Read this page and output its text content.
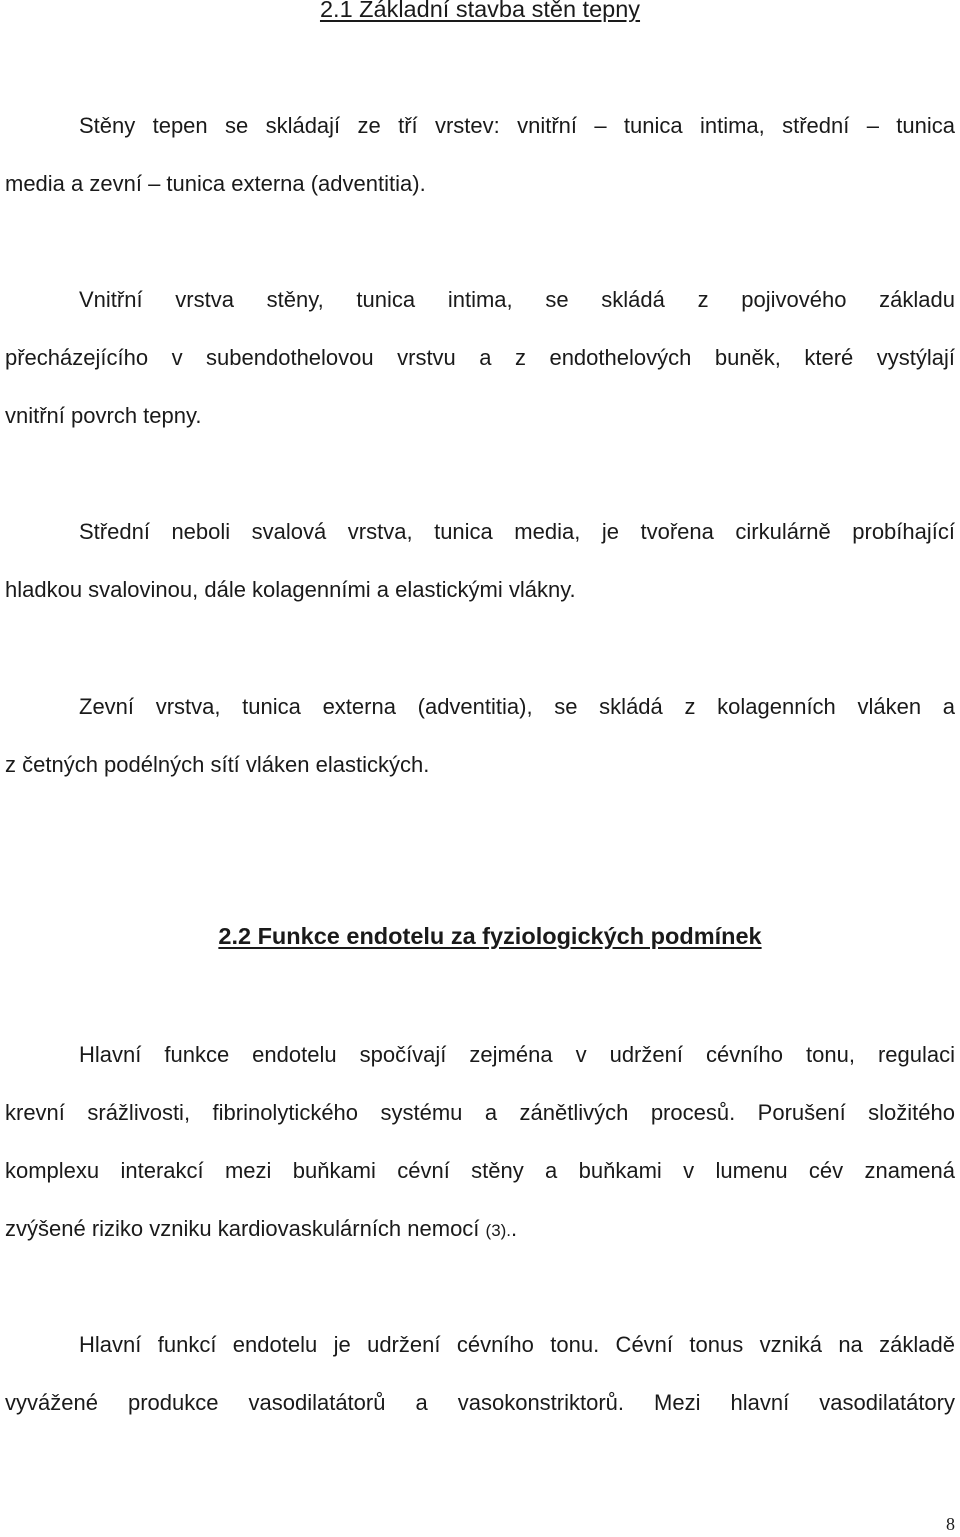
2.1 Základní stavba stěn tepny
Stěny tepen se skládají ze tří vrstev: vnitřní – tunica intima, střední – tunica
media a zevní – tunica externa (adventitia).
Vnitřní vrstva stěny, tunica intima, se skládá z pojivového základu
přecházejícího v subendothelovou vrstvu a z endothelových buněk, které vystýlají
vnitřní povrch tepny.
Střední neboli svalová vrstva, tunica media, je tvořena cirkulárně probíhající
hladkou svalovinou, dále kolagenními a elastickými vlákny.
Zevní vrstva, tunica externa (adventitia), se skládá z kolagenních vláken a
z četných podélných sítí vláken elastických.
2.2 Funkce endotelu za fyziologických podmínek
Hlavní funkce endotelu spočívají zejména v udržení cévního tonu, regulaci
krevní srážlivosti, fibrinolytického systému a zánětlivých procesů. Porušení složitého
komplexu interakcí mezi buňkami cévní stěny a buňkami v lumenu cév znamená
zvýšené riziko vzniku kardiovaskulárních nemocí (3)..
Hlavní funkcí endotelu je udržení cévního tonu. Cévní tonus vzniká na základě
vyvážené produkce vasodilatátorů a vasokonstriktorů. Mezi hlavní vasodilatátory
8
